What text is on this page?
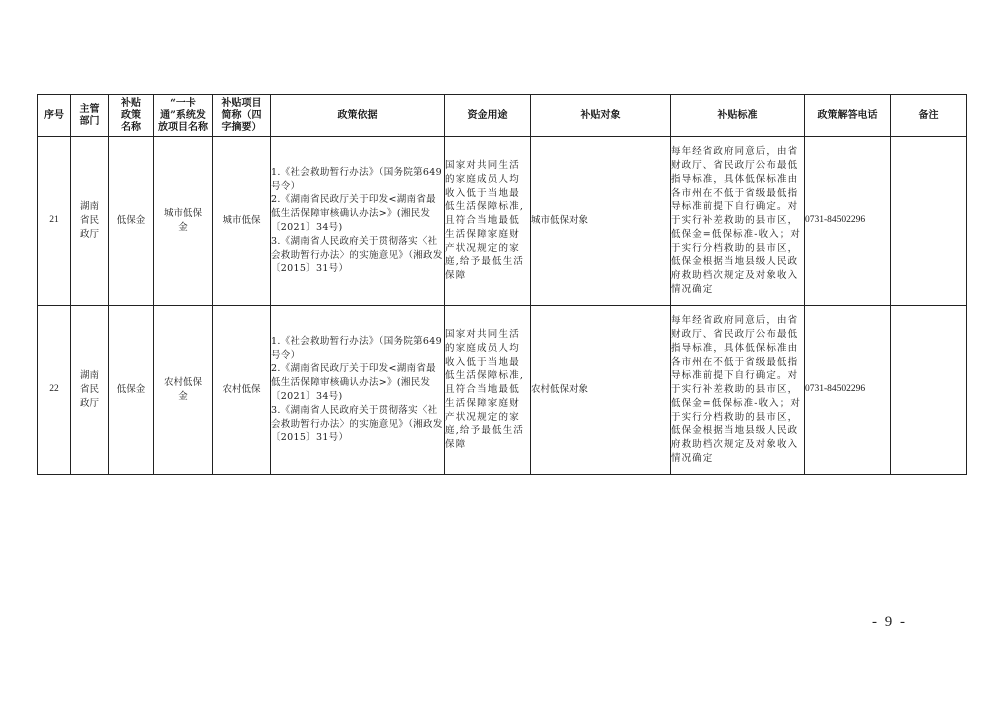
序号	主管部门	补贴政策名称	“一卡通”系统发放项目名称	补贴项目简称（四字摘要）	政策依据	资金用途	补贴对象	补贴标准	政策解答电话	备注
21	湖南省民政厅	低保金	城市低保金	城市低保	1.《社会救助暂行办法》（国务院第649号令）

2.《湖南省民政厅关于印发<湖南省最低生活保障审核确认办法>》(湘民发〔2021〕34号)

3.《湖南省人民政府关于贯彻落实〈社会救助暂行办法〉的实施意见》（湘政发〔2015〕31号）	国家对共同生活的家庭成员人均收入低于当地最低生活保障标准,且符合当地最低生活保障家庭财产状况规定的家庭,给予最低生活保障	城市低保对象	每年经省政府同意后，由省财政厅、省民政厅公布最低指导标准，具体低保标准由各市州在不低于省级最低指导标准前提下自行确定。对于实行补差救助的县市区，低保金=低保标准-收入；对于实行分档救助的县市区，低保金根据当地县级人民政府救助档次规定及对象收入情况确定	0731-84502296	
22	湖南省民政厅	低保金	农村低保金	农村低保	1.《社会救助暂行办法》（国务院第649号令）

2.《湖南省民政厅关于印发<湖南省最低生活保障审核确认办法>》(湘民发〔2021〕34号)

3.《湖南省人民政府关于贯彻落实〈社会救助暂行办法〉的实施意见》（湘政发〔2015〕31号）	国家对共同生活的家庭成员人均收入低于当地最低生活保障标准,且符合当地最低生活保障家庭财产状况规定的家庭,给予最低生活保障	农村低保对象	每年经省政府同意后，由省财政厅、省民政厅公布最低指导标准，具体低保标准由各市州在不低于省级最低指导标准前提下自行确定。对于实行补差救助的县市区，低保金=低保标准-收入；对于实行分档救助的县市区，低保金根据当地县级人民政府救助档次规定及对象收入情况确定	0731-84502296	
- 9 -
